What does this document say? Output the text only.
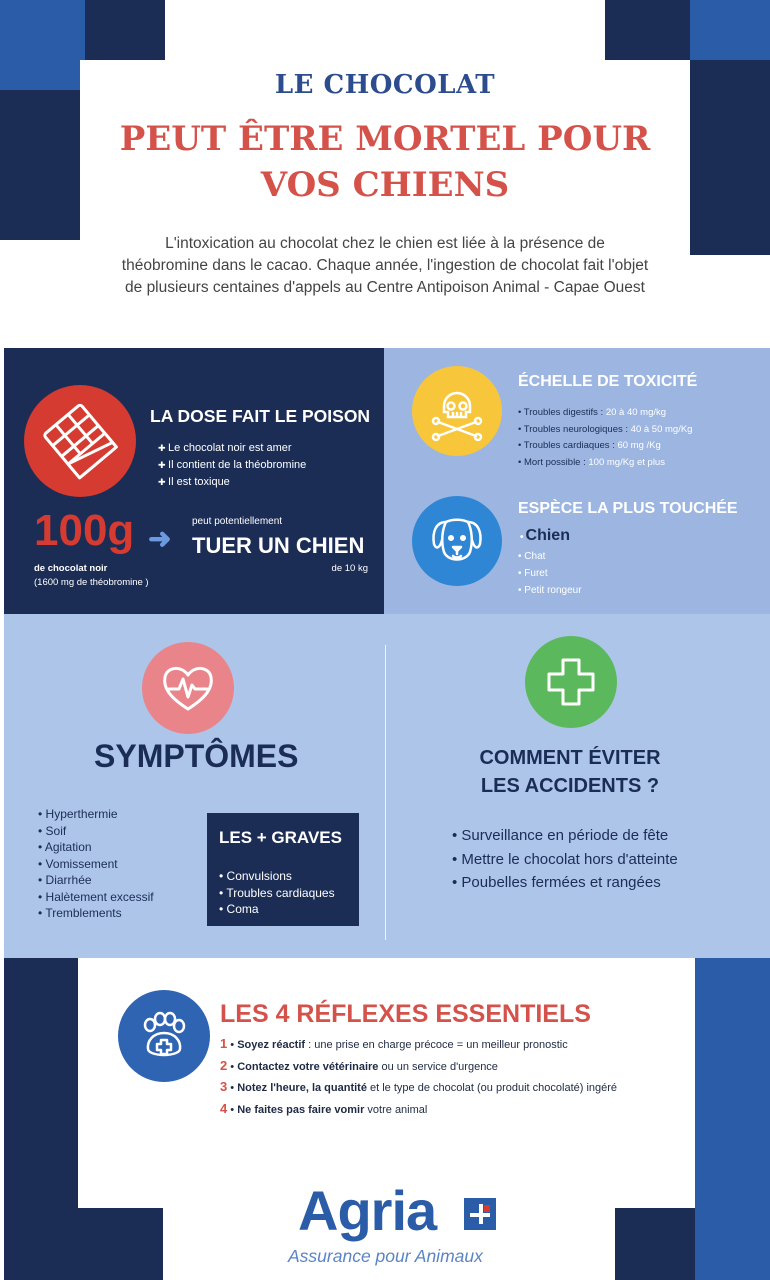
LE CHOCOLAT
PEUT ÊTRE MORTEL POUR
VOS CHIENS
L'intoxication au chocolat chez le chien est liée à la présence de
théobromine dans le cacao. Chaque année, l'ingestion de chocolat fait l'objet
de plusieurs centaines d'appels au Centre Antipoison Animal - Capae Ouest
LA DOSE FAIT LE POISON
✚ Le chocolat noir est amer
✚ Il contient de la théobromine
✚ Il est toxique
100g ➜
peut potentiellement
TUER UN CHIEN
de 10 kg
de chocolat noir
(1600 mg de théobromine )
ÉCHELLE DE TOXICITÉ
• Troubles digestifs : 20 à 40 mg/kg
• Troubles neurologiques : 40 à 50 mg/Kg
• Troubles cardiaques : 60 mg /Kg
• Mort possible : 100 mg/Kg et plus
ESPÈCE LA PLUS TOUCHÉE
• Chien
• Chat
• Furet
• Petit rongeur
SYMPTÔMES
• Hyperthermie
• Soif
• Agitation
• Vomissement
• Diarrhée
• Halètement excessif
• Tremblements
LES + GRAVES
• Convulsions
• Troubles cardiaques
• Coma
COMMENT ÉVITER
LES ACCIDENTS ?
• Surveillance en période de fête
• Mettre le chocolat hors d'atteinte
• Poubelles fermées et rangées
LES 4 RÉFLEXES ESSENTIELS
1 • Soyez réactif : une prise en charge précoce = un meilleur pronostic
2 • Contactez votre vétérinaire ou un service d'urgence
3 • Notez l'heure, la quantité et le type de chocolat (ou produit chocolaté) ingéré
4 • Ne faites pas faire vomir votre animal
Agria
Assurance pour Animaux
